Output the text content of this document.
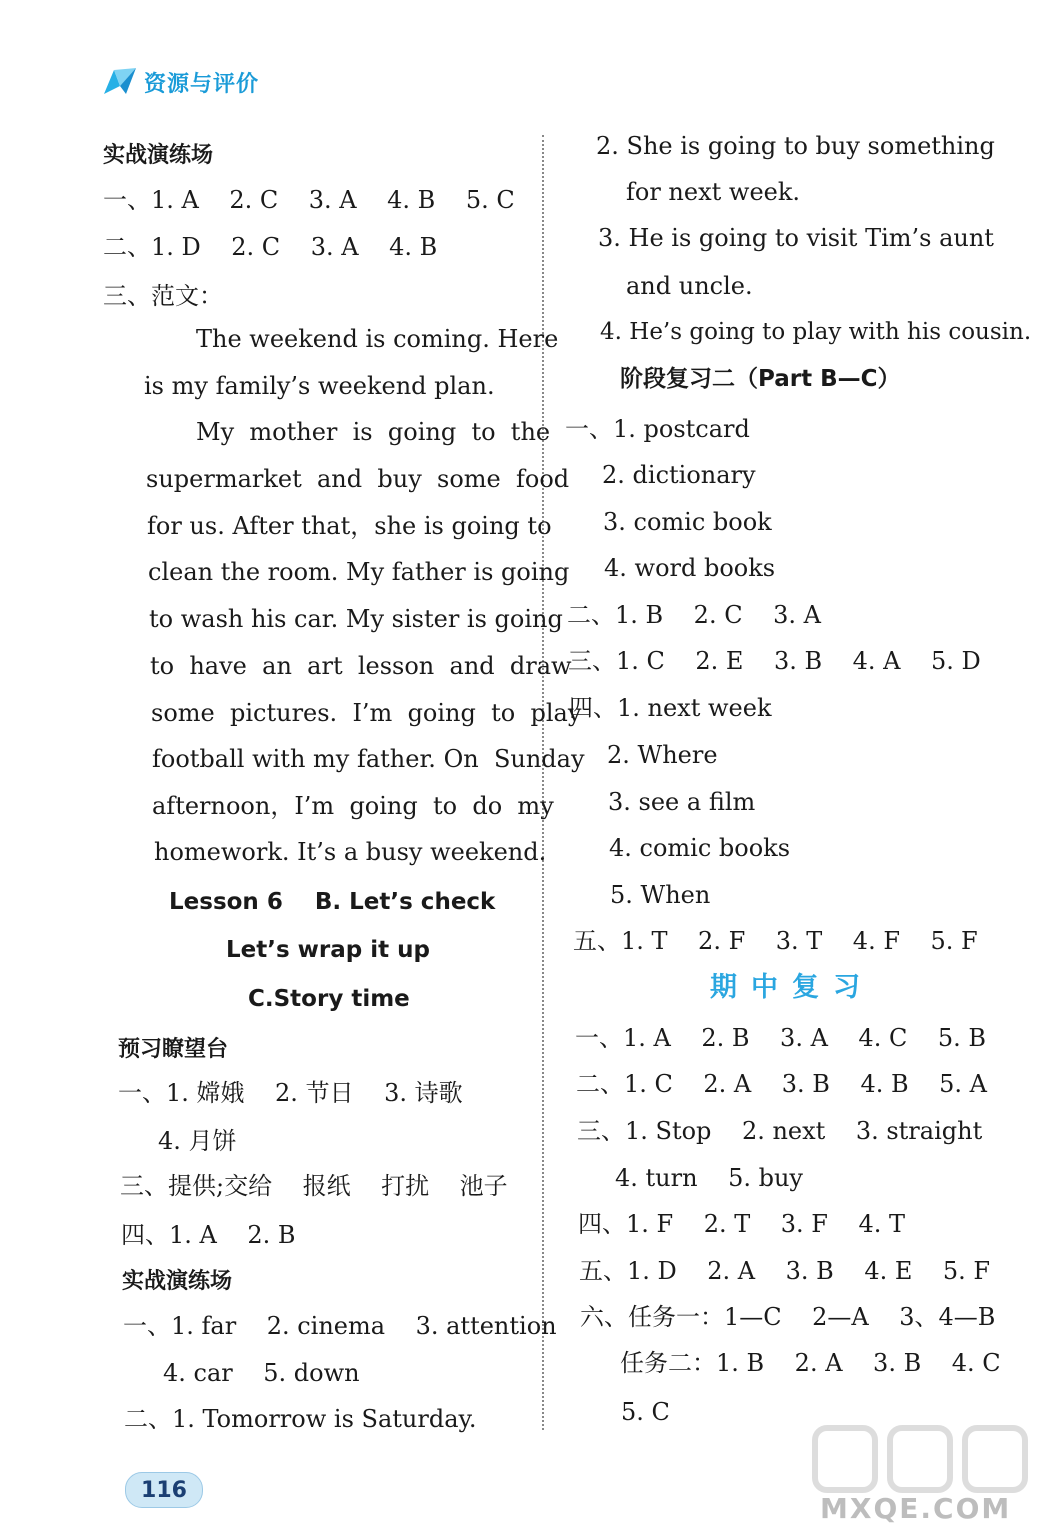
资源与评价
实战演练场
一、1. A    2. C    3. A    4. B    5. C
二、1. D    2. C    3. A    4. B
三、范文：
The weekend is coming. Here
is my family’s weekend plan.
My  mother  is  going  to  the
supermarket  and  buy  some  food
for us. After that，she is going to
clean the room. My father is going
to wash his car. My sister is going
to  have  an  art  lesson  and  draw
some  pictures.  I’m  going  to  play
football with my father. On  Sunday
afternoon，I’m  going  to  do  my
homework. It’s a busy weekend.
Lesson 6    B. Let’s check
Let’s wrap it up
C.Story time
预习瞭望台
一、1. 嫦娥    2. 节日    3. 诗歌
4. 月饼
三、提供;交给    报纸    打扰    池子
四、1. A    2. B
实战演练场
一、1. far    2. cinema    3. attention
4. car    5. down
二、1. Tomorrow is Saturday.
2. She is going to buy something
for next week.
3. He is going to visit Tim’s aunt
and uncle.
4. He’s going to play with his cousin.
阶段复习二（Part B—C）
一、1. postcard
2. dictionary
3. comic book
4. word books
二、1. B    2. C    3. A
三、1. C    2. E    3. B    4. A    5. D
四、1. next week
2. Where
3. see a film
4. comic books
5. When
五、1. T    2. F    3. T    4. F    5. F
期中复习
一、1. A    2. B    3. A    4. C    5. B
二、1. C    2. A    3. B    4. B    5. A
三、1. Stop    2. next    3. straight
4. turn    5. buy
四、1. F    2. T    3. F    4. T
五、1. D    2. A    3. B    4. E    5. F
六、任务一：1—C    2—A    3、4—B
任务二：1. B    2. A    3. B    4. C
5. C
116
MXQE.COM
